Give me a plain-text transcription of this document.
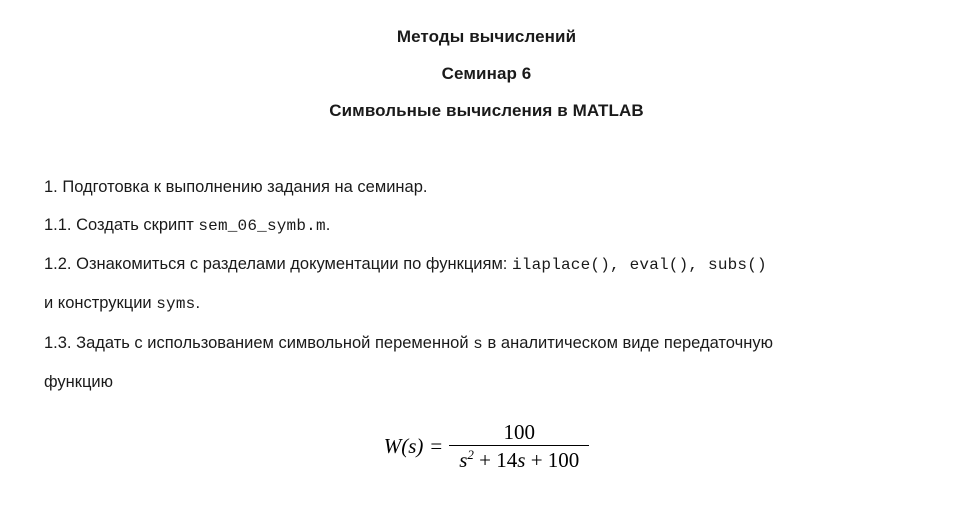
Методы вычислений
Семинар 6
Символьные вычисления в MATLAB

1. Подготовка к выполнению задания на семинар.

1.1. Создать скрипт sem_06_symb.m.

1.2. Ознакомиться с разделами документации по функциям: ilaplace(), eval(), subs()

и конструкции syms.

1.3. Задать с использованием символьной переменной s в аналитическом виде передаточную

функцию

$W(s) = \frac{100}{s^2 + 14s + 100}$
